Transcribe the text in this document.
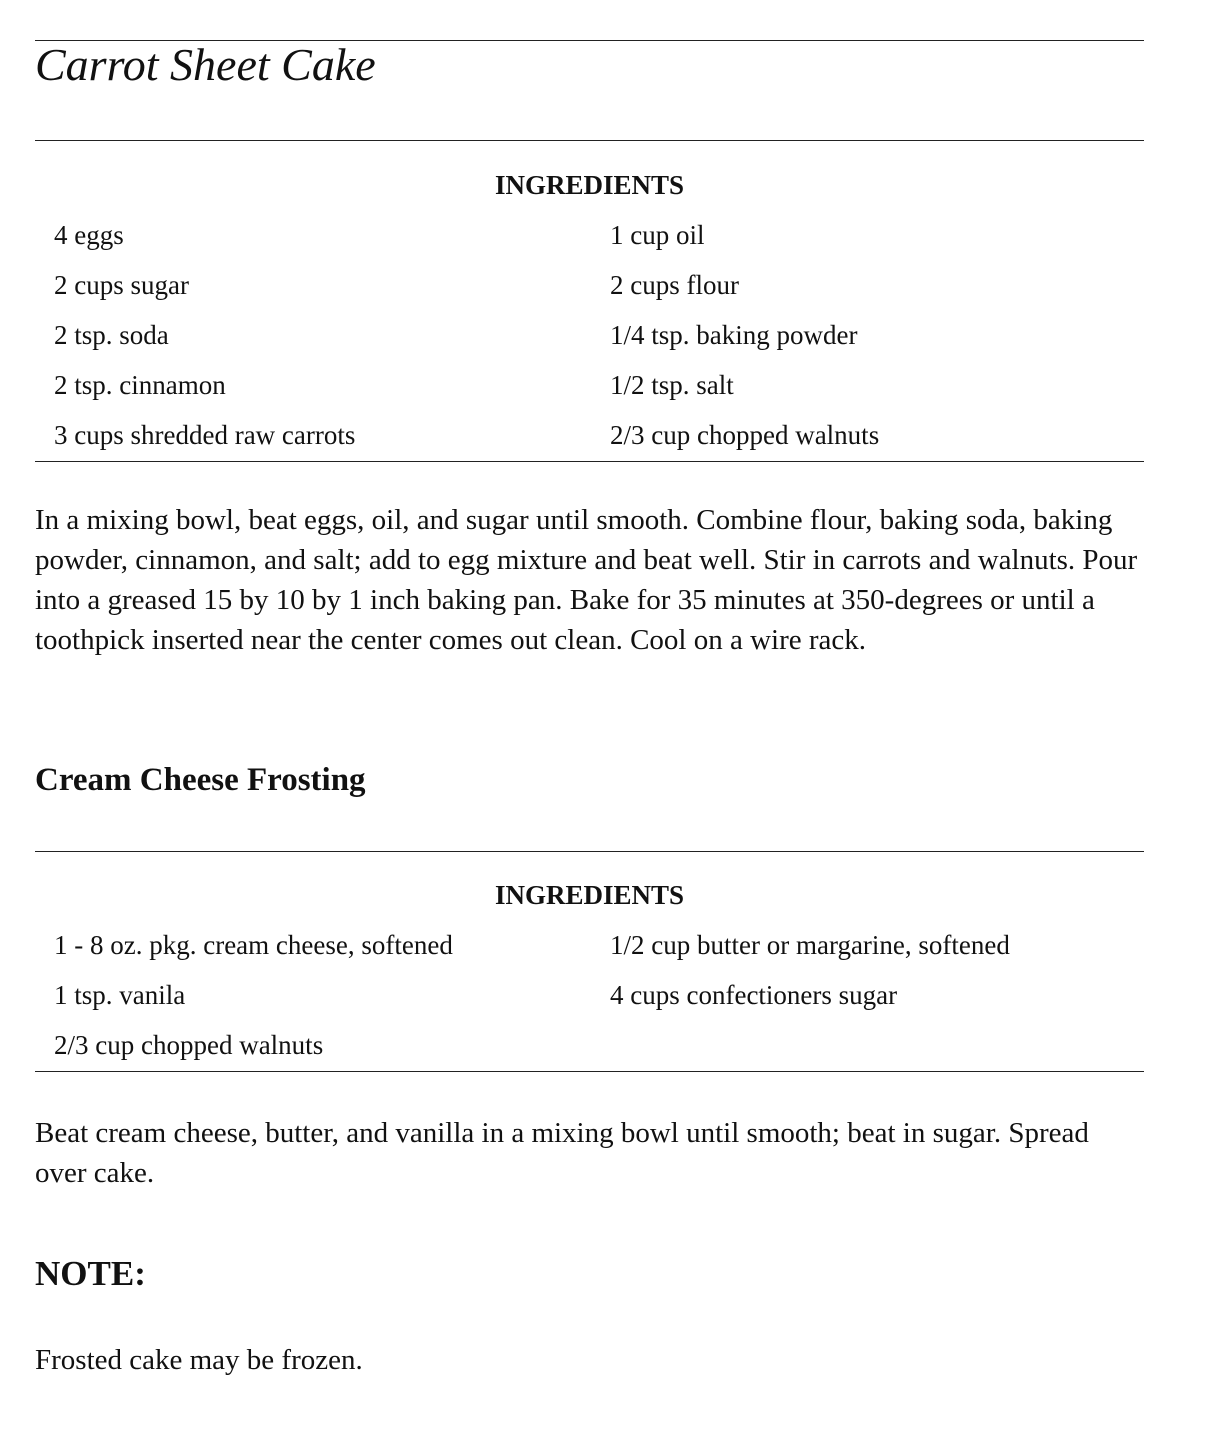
Carrot Sheet Cake
INGREDIENTS
4 eggs	1 cup oil
2 cups sugar	2 cups flour
2 tsp. soda	1/4 tsp. baking powder
2 tsp. cinnamon	1/2 tsp. salt
3 cups shredded raw carrots	2/3 cup chopped walnuts

In a mixing bowl, beat eggs, oil, and sugar until smooth. Combine flour, baking soda, baking powder, cinnamon, and salt; add to egg mixture and beat well. Stir in carrots and walnuts. Pour into a greased 15 by 10 by 1 inch baking pan. Bake for 35 minutes at 350-degrees or until a toothpick inserted near the center comes out clean. Cool on a wire rack.

Cream Cheese Frosting
INGREDIENTS
1 - 8 oz. pkg. cream cheese, softened	1/2 cup butter or margarine, softened
1 tsp. vanila	4 cups confectioners sugar
2/3 cup chopped walnuts

Beat cream cheese, butter, and vanilla in a mixing bowl until smooth; beat in sugar. Spread over cake.

NOTE:

Frosted cake may be frozen.
